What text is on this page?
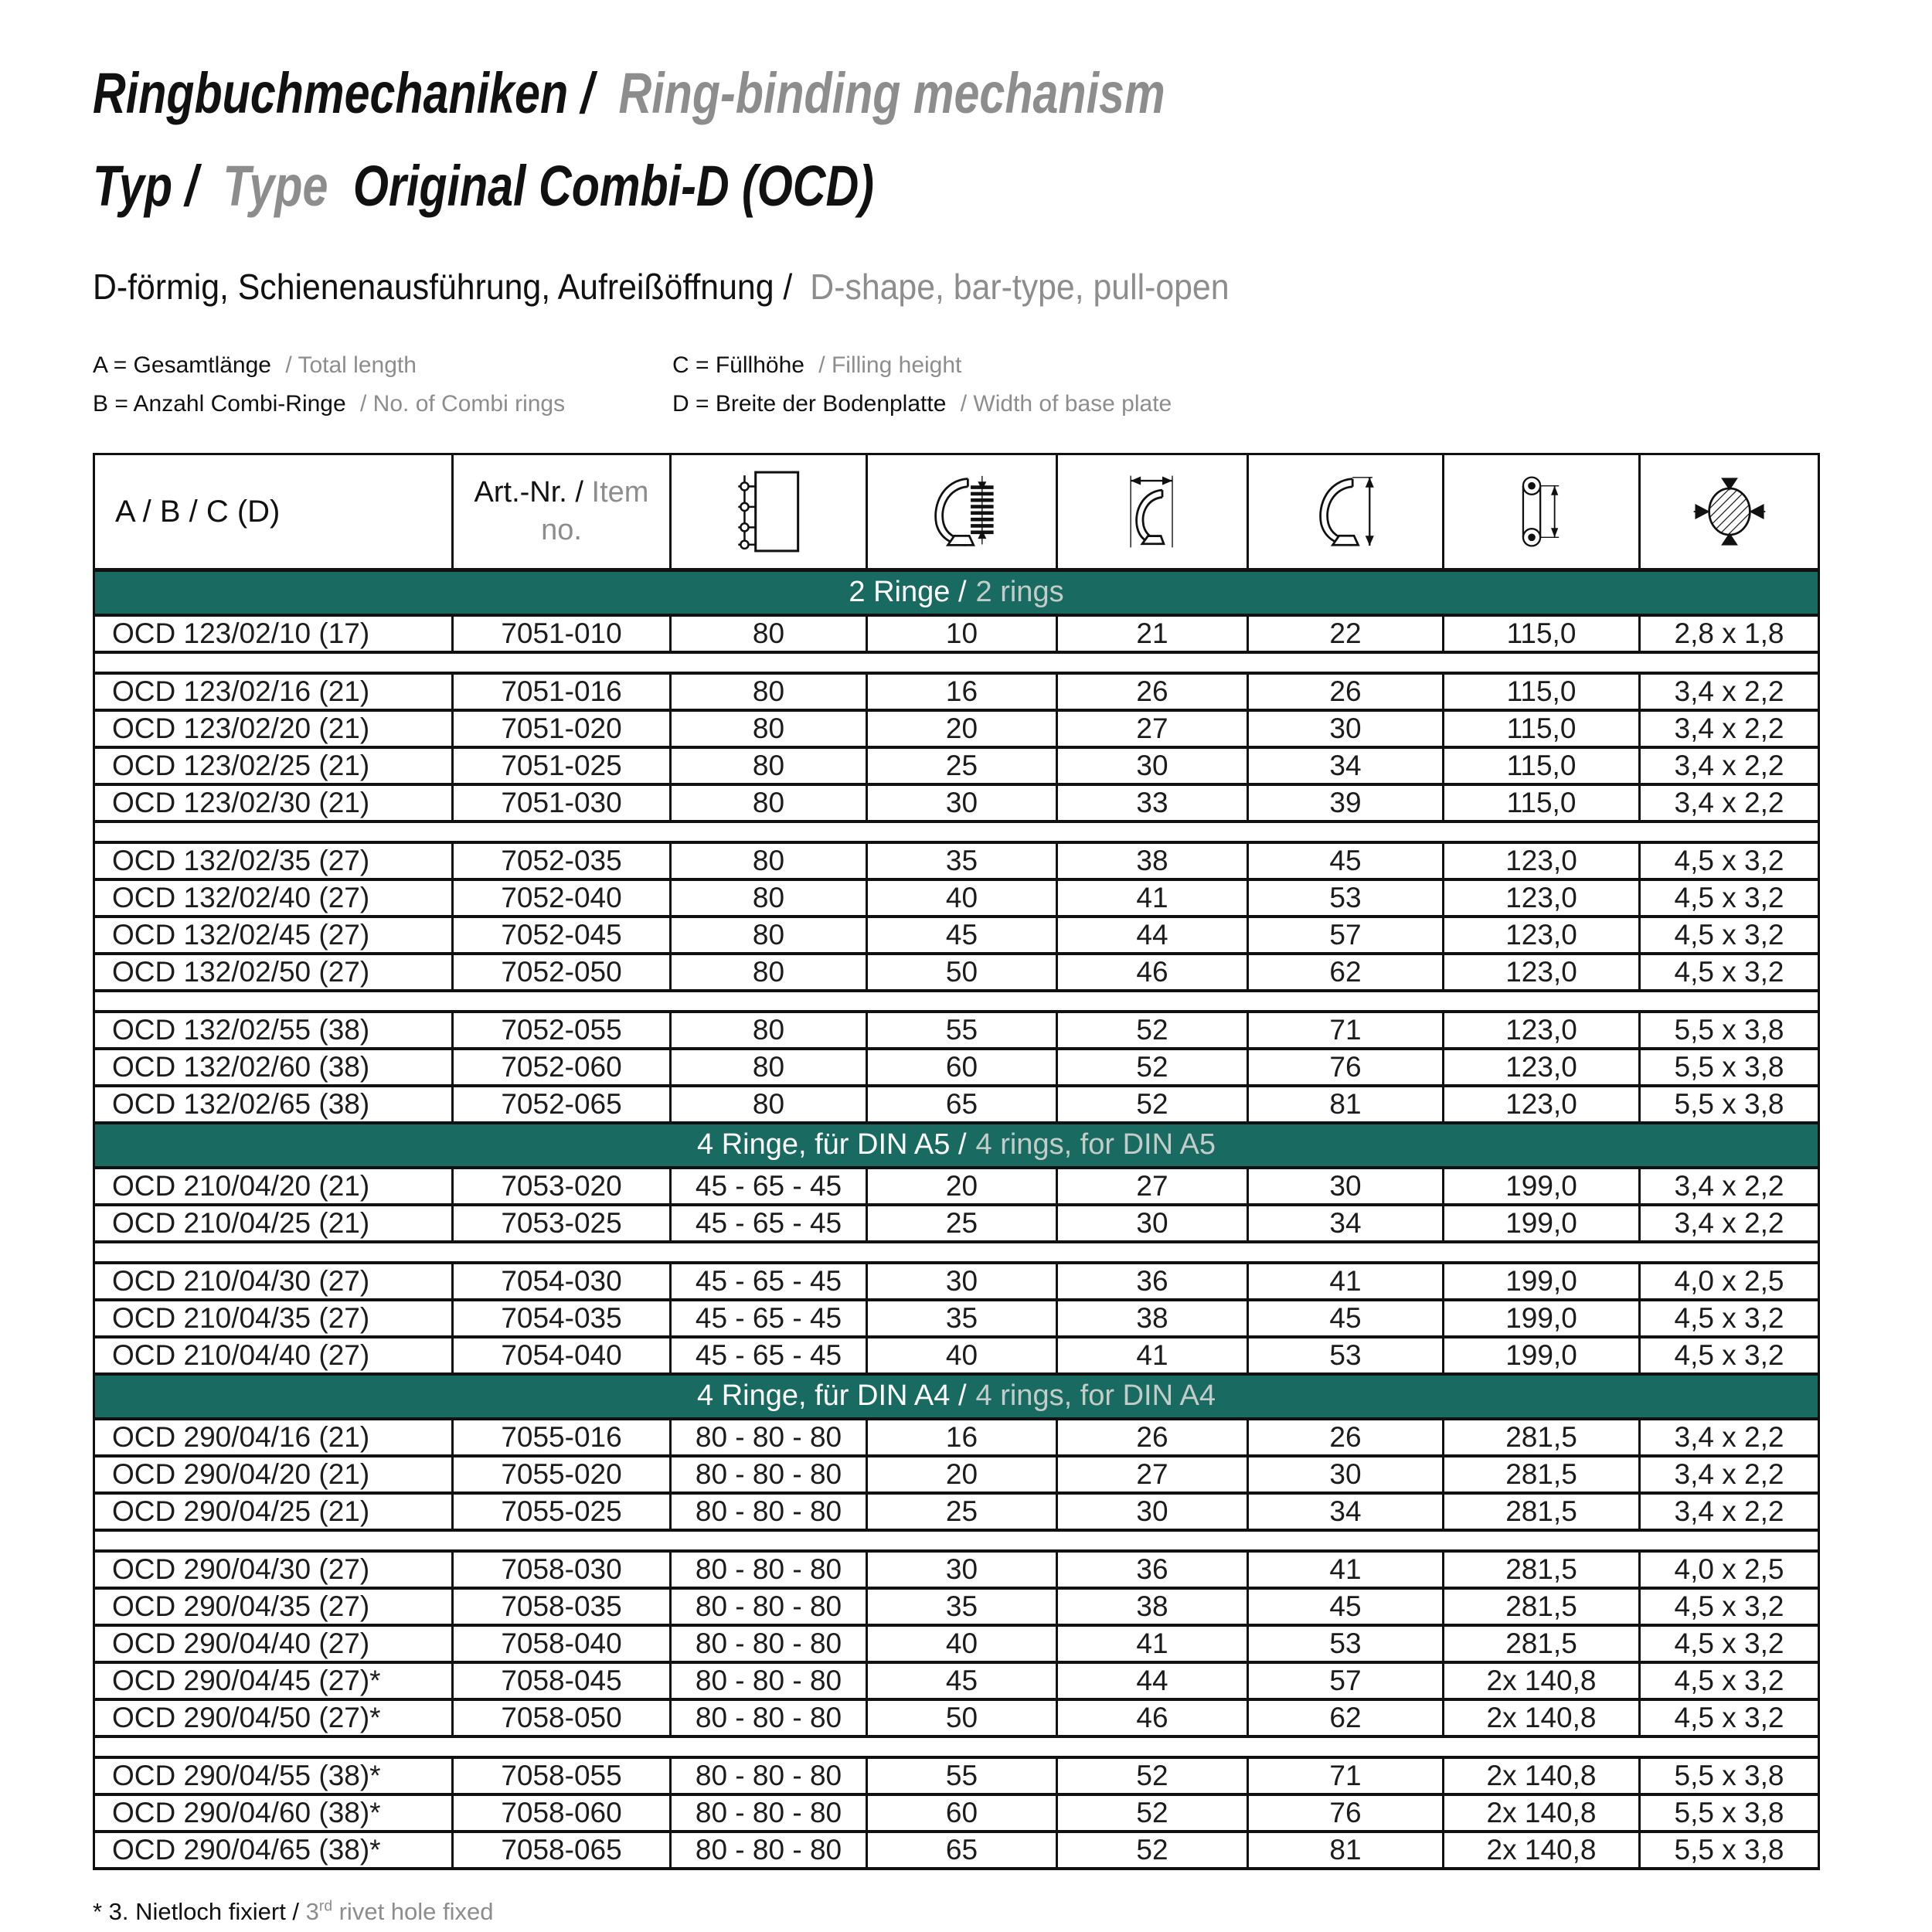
Ringbuchmechaniken / Ring-binding mechanism
Typ / Type Original Combi-D (OCD)
D-förmig, Schienenausführung, Aufreißöffnung / D-shape, bar-type, pull-open
A = Gesamtlänge / Total length	C = Füllhöhe / Filling height
B = Anzahl Combi-Ringe / No. of Combi rings	D = Breite der Bodenplatte / Width of base plate
A / B / C (D)	Art.-Nr. / Item no.	

2 Ringe / 2 rings							
OCD 123/02/10 (17)	7051-010	80	10	21	22	115,0	2,8 x 1,8

OCD 123/02/16 (21)	7051-016	80	16	26	26	115,0	3,4 x 2,2
OCD 123/02/20 (21)	7051-020	80	20	27	30	115,0	3,4 x 2,2
OCD 123/02/25 (21)	7051-025	80	25	30	34	115,0	3,4 x 2,2
OCD 123/02/30 (21)	7051-030	80	30	33	39	115,0	3,4 x 2,2

OCD 132/02/35 (27)	7052-035	80	35	38	45	123,0	4,5 x 3,2
OCD 132/02/40 (27)	7052-040	80	40	41	53	123,0	4,5 x 3,2
OCD 132/02/45 (27)	7052-045	80	45	44	57	123,0	4,5 x 3,2
OCD 132/02/50 (27)	7052-050	80	50	46	62	123,0	4,5 x 3,2

OCD 132/02/55 (38)	7052-055	80	55	52	71	123,0	5,5 x 3,8
OCD 132/02/60 (38)	7052-060	80	60	52	76	123,0	5,5 x 3,8
OCD 132/02/65 (38)	7052-065	80	65	52	81	123,0	5,5 x 3,8
4 Ringe, für DIN A5 / 4 rings, for DIN A5							
OCD 210/04/20 (21)	7053-020	45 - 65 - 45	20	27	30	199,0	3,4 x 2,2
OCD 210/04/25 (21)	7053-025	45 - 65 - 45	25	30	34	199,0	3,4 x 2,2

OCD 210/04/30 (27)	7054-030	45 - 65 - 45	30	36	41	199,0	4,0 x 2,5
OCD 210/04/35 (27)	7054-035	45 - 65 - 45	35	38	45	199,0	4,5 x 3,2
OCD 210/04/40 (27)	7054-040	45 - 65 - 45	40	41	53	199,0	4,5 x 3,2
4 Ringe, für DIN A4 / 4 rings, for DIN A4							
OCD 290/04/16 (21)	7055-016	80 - 80 - 80	16	26	26	281,5	3,4 x 2,2
OCD 290/04/20 (21)	7055-020	80 - 80 - 80	20	27	30	281,5	3,4 x 2,2
OCD 290/04/25 (21)	7055-025	80 - 80 - 80	25	30	34	281,5	3,4 x 2,2

OCD 290/04/30 (27)	7058-030	80 - 80 - 80	30	36	41	281,5	4,0 x 2,5
OCD 290/04/35 (27)	7058-035	80 - 80 - 80	35	38	45	281,5	4,5 x 3,2
OCD 290/04/40 (27)	7058-040	80 - 80 - 80	40	41	53	281,5	4,5 x 3,2
OCD 290/04/45 (27)*	7058-045	80 - 80 - 80	45	44	57	2x 140,8	4,5 x 3,2
OCD 290/04/50 (27)*	7058-050	80 - 80 - 80	50	46	62	2x 140,8	4,5 x 3,2

OCD 290/04/55 (38)*	7058-055	80 - 80 - 80	55	52	71	2x 140,8	5,5 x 3,8
OCD 290/04/60 (38)*	7058-060	80 - 80 - 80	60	52	76	2x 140,8	5,5 x 3,8
OCD 290/04/65 (38)*	7058-065	80 - 80 - 80	65	52	81	2x 140,8	5,5 x 3,8
* 3. Nietloch fixiert / 3rd rivet hole fixed
